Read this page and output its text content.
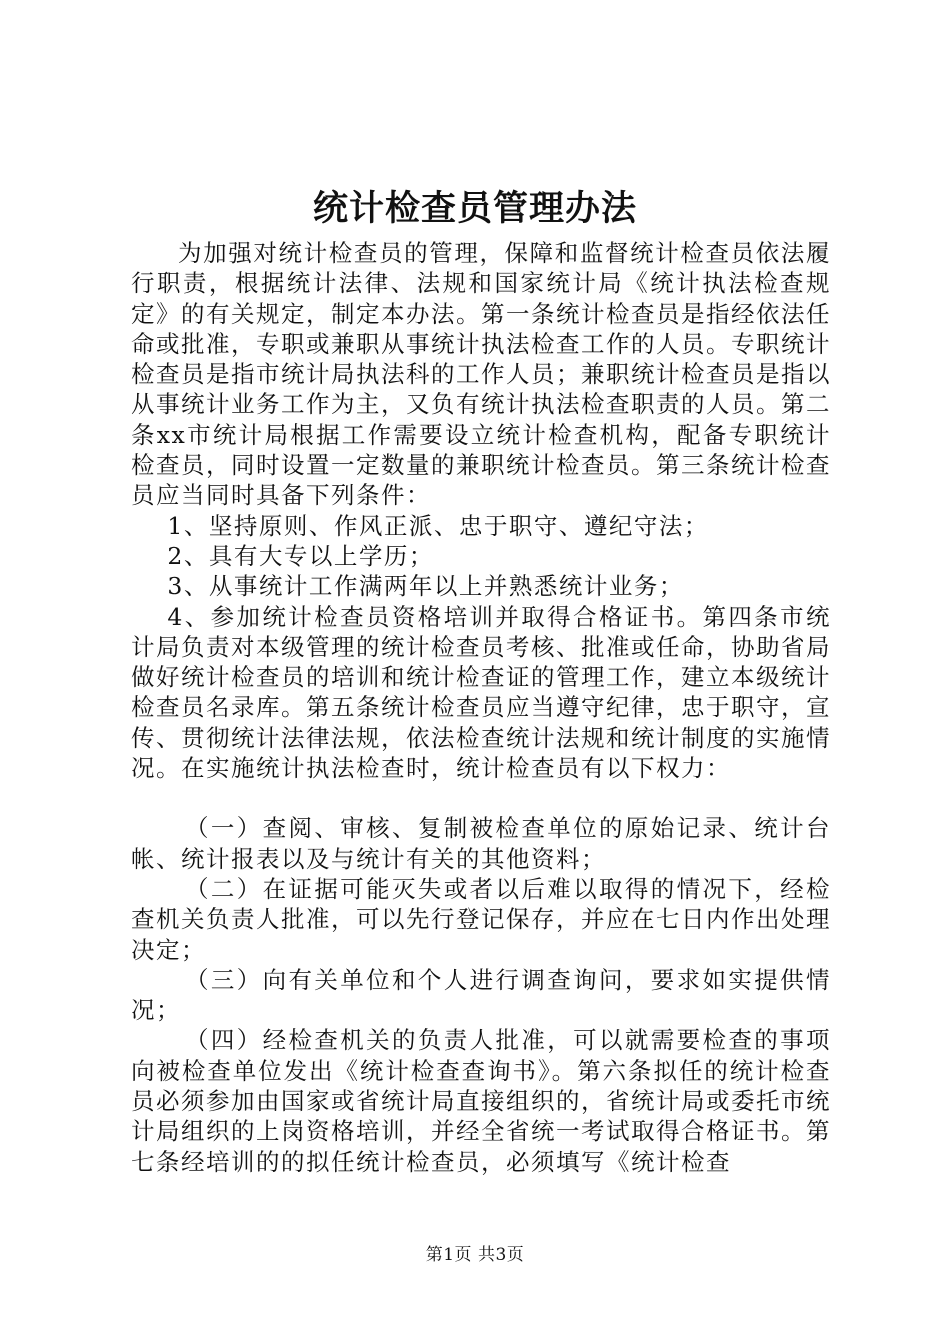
统计检查员管理办法

为加强对统计检查员的管理，保障和监督统计检查员依法履行职责，根据统计法律、法规和国家统计局《统计执法检查规定》的有关规定，制定本办法。第一条统计检查员是指经依法任命或批准，专职或兼职从事统计执法检查工作的人员。专职统计检查员是指市统计局执法科的工作人员；兼职统计检查员是指以从事统计业务工作为主，又负有统计执法检查职责的人员。第二条xx市统计局根据工作需要设立统计检查机构，配备专职统计检查员，同时设置一定数量的兼职统计检查员。第三条统计检查员应当同时具备下列条件：

1、坚持原则、作风正派、忠于职守、遵纪守法；

2、具有大专以上学历；

3、从事统计工作满两年以上并熟悉统计业务；

4、参加统计检查员资格培训并取得合格证书。第四条市统计局负责对本级管理的统计检查员考核、批准或任命，协助省局做好统计检查员的培训和统计检查证的管理工作，建立本级统计检查员名录库。第五条统计检查员应当遵守纪律，忠于职守，宣传、贯彻统计法律法规，依法检查统计法规和统计制度的实施情况。在实施统计执法检查时，统计检查员有以下权力：

（一）查阅、审核、复制被检查单位的原始记录、统计台帐、统计报表以及与统计有关的其他资料；

（二）在证据可能灭失或者以后难以取得的情况下，经检查机关负责人批准，可以先行登记保存，并应在七日内作出处理决定；

（三）向有关单位和个人进行调查询问，要求如实提供情况；

（四）经检查机关的负责人批准，可以就需要检查的事项向被检查单位发出《统计检查查询书》。第六条拟任的统计检查员必须参加由国家或省统计局直接组织的，省统计局或委托市统计局组织的上岗资格培训，并经全省统一考试取得合格证书。第七条经培训的的拟任统计检查员，必须填写《统计检查

第1页 共3页
